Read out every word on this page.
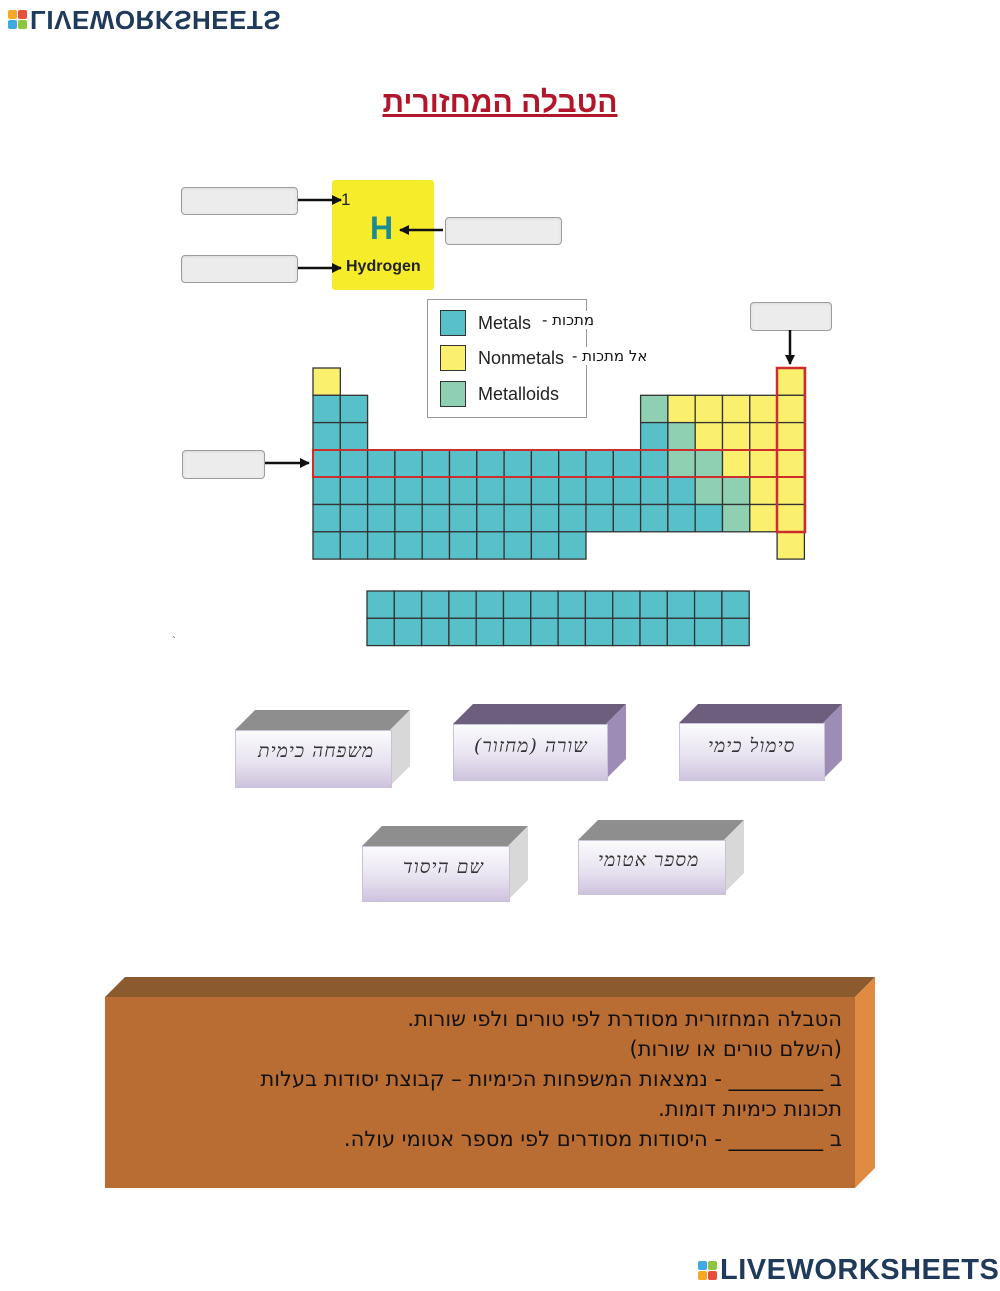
LIVEWORKSHEETS
הטבלה המחזורית
1
H
Hydrogen
Metals
Nonmetals
Metalloids
מתכות -
אל מתכות -
`
משפחה כימית	שורה (מחזור)	סימול כימי
שם היסוד	מספר אטומי
הטבלה המחזורית מסודרת לפי טורים ולפי שורות.
(השלם טורים או שורות)
ב _________ - נמצאות המשפחות הכימיות – קבוצת יסודות בעלות
תכונות כימיות דומות.
ב _________ - היסודות מסודרים לפי מספר אטומי עולה.
LIVEWORKSHEETS
